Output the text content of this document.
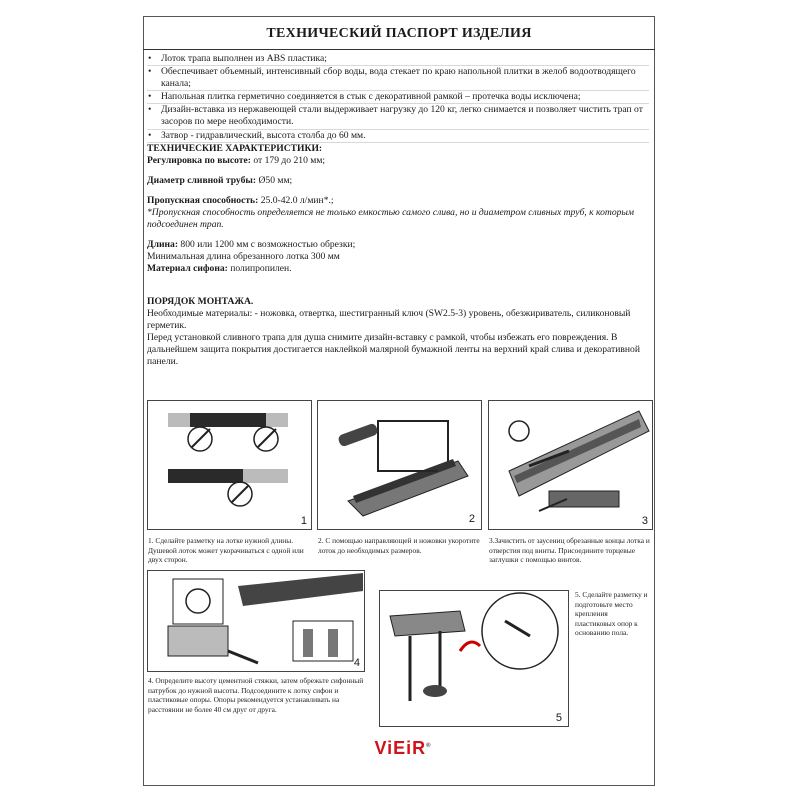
ТЕХНИЧЕСКИЙ ПАСПОРТ ИЗДЕЛИЯ
• Лоток трапа выполнен из ABS пластика;
• Обеспечивает объемный, интенсивный сбор воды, вода стекает по краю напольной плитки в желоб водоотводящего канала;
• Напольная плитка герметично соединяется в стык с декоративной рамкой – протечка воды исключена;
• Дизайн-вставка из нержавеющей стали выдерживает нагрузку до 120 кг, легко снимается и позволяет чистить трап от засоров по мере необходимости.
• Затвор - гидравлический, высота столба до 60 мм.

ТЕХНИЧЕСКИЕ ХАРАКТЕРИСТИКИ:

Регулировка по высоте: от 179 до 210 мм;

Диаметр сливной трубы: Ø50 мм;

Пропускная способность: 25.0-42.0 л/мин*.;

*Пропускная способность определяется не только емкостью самого слива, но и диаметром сливных труб, к которым подсоединен трап.

Длина: 800 или 1200 мм с возможностью обрезки;

Минимальная длина обрезанного лотка 300 мм

Материал сифона: полипропилен.

ПОРЯДОК МОНТАЖА.

Необходимые материалы: - ножовка, отвертка, шестигранный ключ (SW2.5-3) уровень, обезжириватель, силиконовый герметик.

Перед установкой сливного трапа для душа снимите дизайн-вставку с рамкой, чтобы избежать его повреждения. В дальнейшем защита покрытия достигается наклейкой малярной бумажной ленты на верхний край слива и декоративной панели.

1	2	3
1. Сделайте разметку на лотке нужной длины. Душевой лоток может укорачиваться с одной или двух сторон.
2. С помощью направляющей и ножовки укоротите лоток до необходимых размеров.
3.Зачистить от заусениц обрезанные концы лотка и отверстия под винты. Присоедините торцевые заглушки с помощью винтов.
4
5
4. Определите высоту цементной стяжки, затем обрежьте сифонный патрубок до нужной высоты. Подсоедините к лотку сифон и пластиковые опоры. Опоры рекомендуется устанавливать на расстоянии не более 40 см друг от друга.
5. Сделайте разметку и подготовьте место крепления пластиковых опор к основанию пола.
ViEiR®
